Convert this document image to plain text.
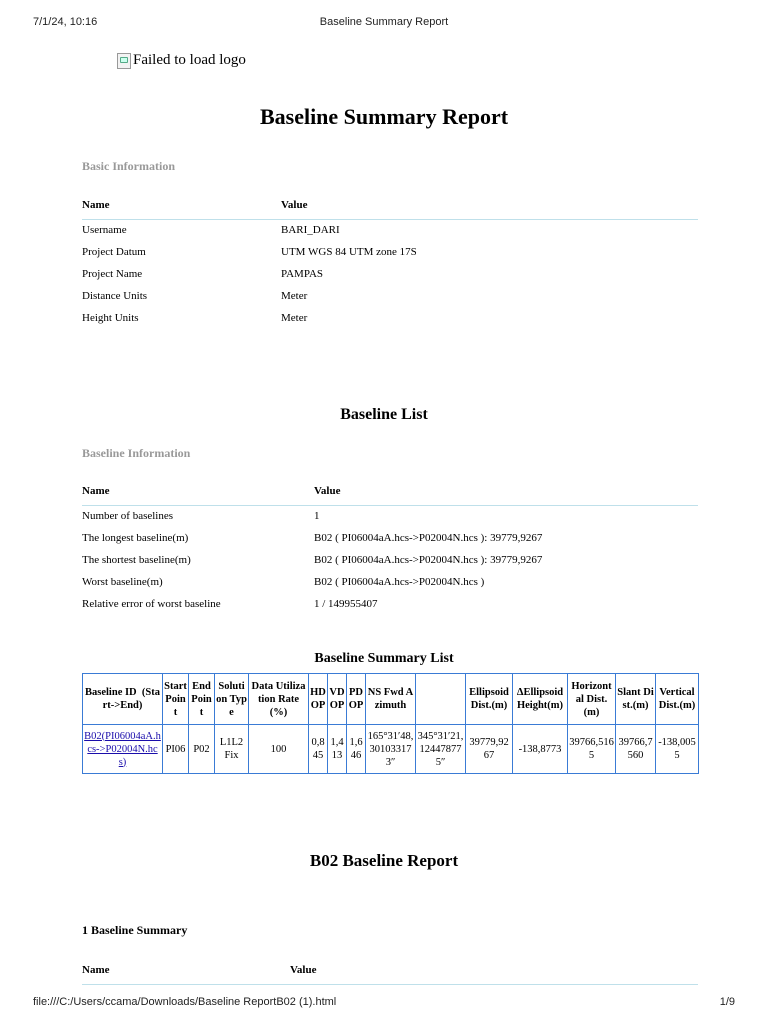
7/1/24, 10:16	Baseline Summary Report
Failed to load logo
Baseline Summary Report
Basic Information
Name	Value
Username	BARI_DARI
Project Datum	UTM WGS 84 UTM zone 17S
Project Name	PAMPAS
Distance Units	Meter
Height Units	Meter
Baseline List
Baseline Information
Name	Value
Number of baselines	1
The longest baseline(m)	B02 ( PI06004aA.hcs->P02004N.hcs ): 39779,9267
The shortest baseline(m)	B02 ( PI06004aA.hcs->P02004N.hcs ): 39779,9267
Worst baseline(m)	B02 ( PI06004aA.hcs->P02004N.hcs )
Relative error of worst baseline	1 / 149955407
Baseline Summary List
Baseline ID  (Start->End)	Start Point	End Point	Solution Type	Data Utilization Rate (%)	HDOP	VDOP	PDOP	NS Fwd Azimuth		Ellipsoid Dist.(m)	ΔEllipsoid Height(m)	Horizontal Dist.(m)	Slant Dist.(m)	Vertical Dist.(m)
B02(PI06004aA.hcs->P02004N.hcs)	PI06	P02	L1L2 Fix	100	0,845	1,413	1,646	165°31′48,301033173″	345°31′21,124478775″	39779,9267	-138,8773	39766,5165	39766,7560	-138,0055
B02 Baseline Report
1 Baseline Summary
Name	Value
file:///C:/Users/ccama/Downloads/Baseline ReportB02 (1).html	1/9
